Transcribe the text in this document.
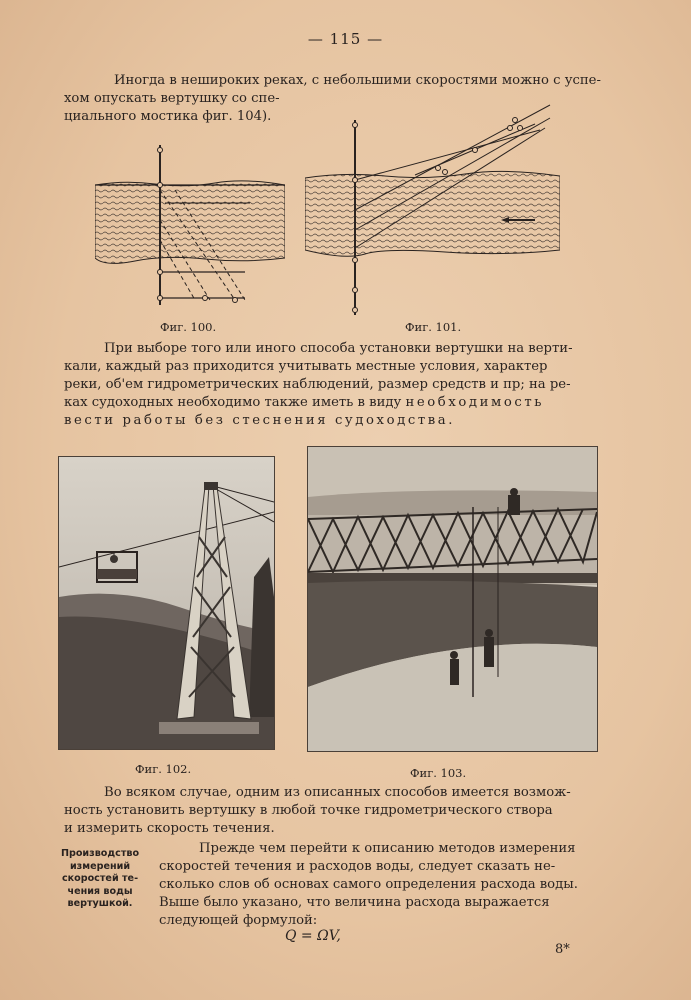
— 115 —
Иногда в нешироких реках, с небольшими скоростями можно с успе-
хом опускать вертушку со спе-
циального мостика фиг. 104).
Фиг. 100.	Фиг. 101.
При выборе того или иного способа установки вертушки на верти-
кали, каждый раз приходится учитывать местные условия, характер
реки, об'ем гидрометрических наблюдений, размер средств и пр; на ре-
ках судоходных необходимо также иметь в виду необходимость
вести работы без стеснения судоходства.
Фиг. 102.	Фиг. 103.
Во всяком случае, одним из описанных способов имеется возмож-
ность установить вертушку в любой точке гидрометрического створа
и измерить скорость течения.
Производство
измерений
скоростей те-
чения воды
вертушкой.
Прежде чем перейти к описанию методов измерения
скоростей течения и расходов воды, следует сказать не-
сколько слов об основах самого определения расхода воды.
Выше было указано, что величина расхода выражается
следующей формулой:
Q = ΩV,
8*
